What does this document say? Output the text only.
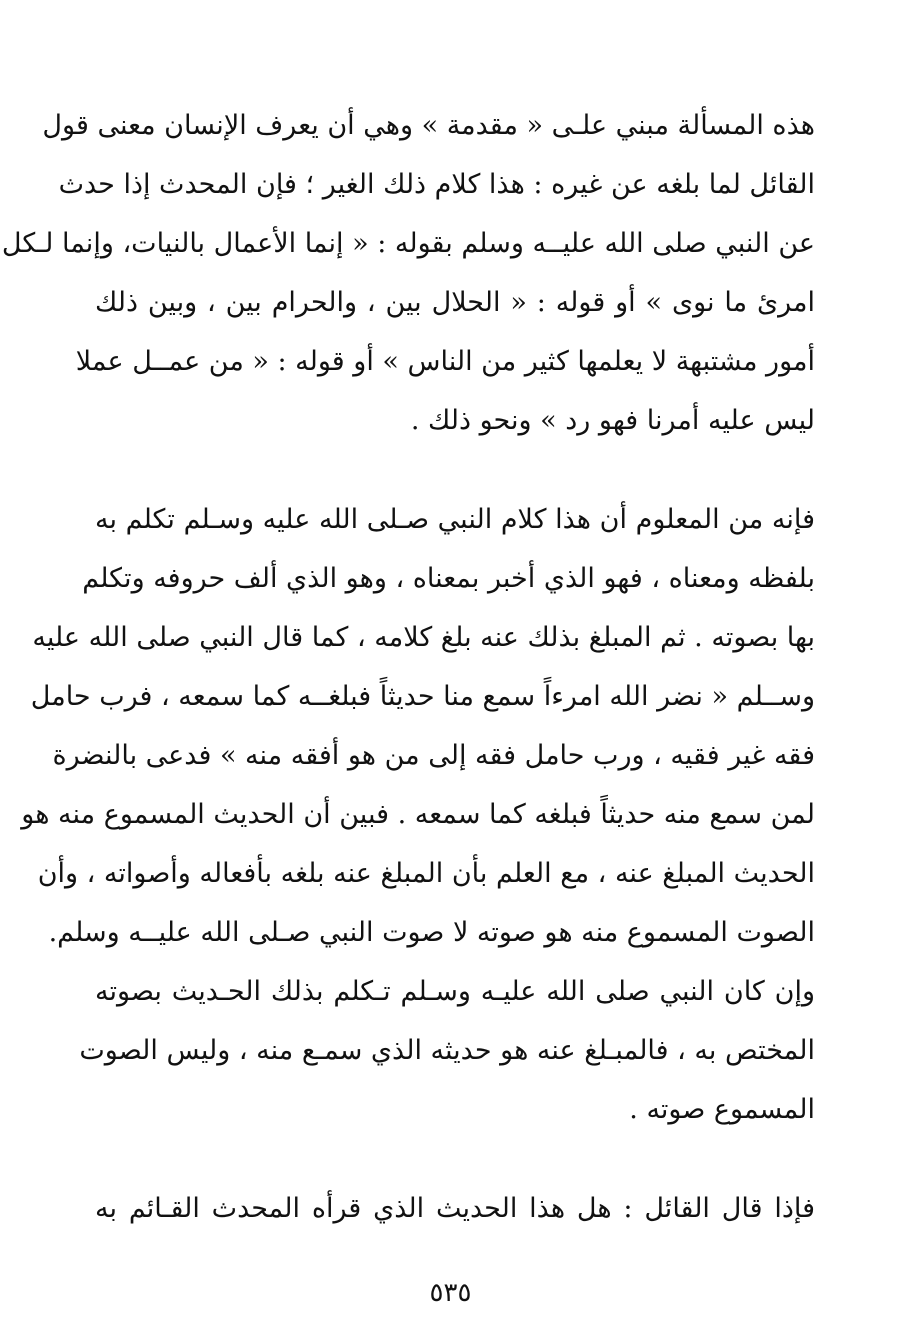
هذه المسألة مبني علـى « مقدمة » وهي أن يعرف الإنسان معنى قول
القائل لما بلغه عن غيره : هذا كلام ذلك الغير ؛ فإن المحدث إذا حدث
عن النبي صلى الله عليــه وسلم بقوله : « إنما الأعمال بالنيات، وإنما لـكل
امرئ ما نوى » أو قوله : « الحلال بين ، والحرام بين ، وبين ذلك
أمور مشتبهة لا يعلمها كثير من الناس » أو قوله : « من عمــل عملا
ليس عليه أمرنا فهو رد » ونحو ذلك .

فإنه من المعلوم أن هذا كلام النبي صـلى الله عليه وسـلم تكلم به
بلفظه ومعناه ، فهو الذي أخبر بمعناه ، وهو الذي ألف حروفه وتكلم
بها بصوته . ثم المبلغ بذلك عنه بلغ كلامه ، كما قال النبي صلى الله عليه
وســلم « نضر الله امرءاً سمع منا حديثاً فبلغــه كما سمعه ، فرب حامل
فقه غير فقيه ، ورب حامل فقه إلى من هو أفقه منه » فدعى بالنضرة
لمن سمع منه حديثاً فبلغه كما سمعه . فبين أن الحديث المسموع منه هو
الحديث المبلغ عنه ، مع العلم بأن المبلغ عنه بلغه بأفعاله وأصواته ، وأن
الصوت المسموع منه هو صوته لا صوت النبي صـلى الله عليــه وسلم.
وإن كان النبي صلى الله عليـه وسـلم تـكلم بذلك الحـديث بصوته
المختص به ، فالمبـلغ عنه هو حديثه الذي سمـع منه ، وليس الصوت
المسموع صوته .

فإذا قال القائل : هل هذا الحديث الذي قرأه المحدث القـائم به

٥٣٥
